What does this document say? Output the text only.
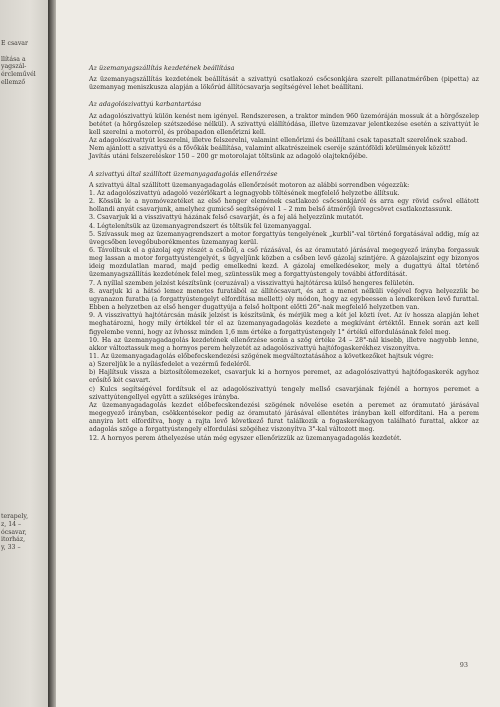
E csavar
llítása a
yagszál-
ércleművél
ellemző
terapely,
z, 14 –
ócsavar,
itorház,
y, 33 –
Az üzemanyagszállítás kezdetének beállítása

Az üzemanyagszállítás kezdetének beállítását a szivattyú csatlakozó csőcsonkjára szerelt pillanatmérőben (pipetta) az üzemanyag meniszkusza alapján a lökőrúd állítócsavarja segítségével lehet beállítani.

Az adagolószivattyú karbantartása

Az adagolószivattyú külön kenést nem igényel. Rendszeresen, a traktor minden 960 üzemóráján mossuk át a hörgőszelep betétet (a hörgőszelep szétszedése nélkül). A szivattyú elállítódása, illetve üzemzavar jelentkezése esetén a szivattyút le kell szerelni a motorról, és próbapadon ellenőrizni kell.

Az adagolószivattyút leszerelni, illetve felszerelni, valamint ellenőrizni és beállítani csak tapasztalt szerelőnek szabad.

Nem ajánlott a szivattyú és a fővőkák beállítása, valamint alkatrészeinek cseréje szántóföldi körülmények között!

Javítás utáni felszereléskor 150 – 200 gr motorolajat töltsünk az adagoló olajteknőjébe.

A szivattyú által szállított üzemanyagadagolás ellenőrzése

A szivattyú által szállított üzemanyagadagolás ellenőrzését motoron az alábbi sorrendben végezzük:

1. Az adagolószivattyú adagoló vezérlőkart a legnagyobb töltésének megfelelő helyzetbe állítsuk.

2. Kössük le a nyomóvezetéket az első henger elemének csatlakozó csőcsonkjáról és arra egy rövid csővel ellátott hollandi anyát csavarjunk, amelyhez gumicső segítségével 1 – 2 mm belső átmérőjű üvegcsövet csatlakoztassunk.

3. Csavarjuk ki a visszivattyú házának felső csavarját, és a fej alá helyezzünk mutatót.

4. Légtelenítsük az üzemanyagrendszert és töltsük fel üzemanyaggal.

5. Szívassuk meg az üzemanyagrendszert a motor forgattyús tengelyének „kurbli"-val történő forgatásával addig, míg az üvegcsőben levegőbuborékmentes üzemanyag kerül.

6. Távolítsuk el a gázolaj egy részét a csőből, a cső rázásával, és az óramutató járásával megegyező irányba forgassuk meg lassan a motor forgattyústengelyét, s ügyeljünk közben a csőben levő gázolaj szintjére. A gázolajszint egy bizonyos ideig mozdulatlan marad, majd pedig emelkedni kezd. A gázolaj emelkedésekor, mely a dugattyú által történő üzemanyagszállítás kezdetének felel meg, szüntessük meg a forgattyústengely további átfordítását.

7. A nyíllal szemben jelzést készítsünk (ceruzával) a visszivattyú hajtótárcsa külső hengeres felületén.

8. avarjuk ki a hátsó lemez menetes furatából az állítócsavart, és azt a menet nélküli végével fogva helyezzük be ugyanazon furatba (a forgattyústengelyt elfordítása mellett) oly módon, hogy az egybeessen a lendkeréken levő furattal. Ebben a helyzetben az első henger dugattyúja a felső holtpont előtti 26°-nak megfelelő helyzetben van.

9. A visszivattyú hajtótárcsán másik jelzést is készítsünk, és mérjük meg a két jel közti ívet. Az ív hossza alapján lehet meghatározni, hogy mily értékkel tér el az üzemanyagadagolás kezdete a megkívánt értéktől. Ennek során azt kell figyelembe venni, hogy az ívhossz minden 1,6 mm értéke a forgattyústengely 1° értékű elfordulásának felel meg.

10. Ha az üzemanyagadagolás kezdetének ellenőrzése során a szög értéke 24 – 28°-nál kisebb, illetve nagyobb lenne, akkor változtassuk meg a hornyos perem helyzetét az adagolószivattyú hajtófogaskerékhez viszonyítva.

11. Az üzemanyagadagolás előbefecskendezési szögének megváltoztatásához a következőket hajtsuk végre:

a) Szereljük le a nyílásfedelet a vezérmű fedeléről.

b) Hajlítsuk vissza a biztosítólemezeket, csavarjuk ki a hornyos peremet, az adagolószivattyú hajtófogaskerék agyhoz erősítő két csavart.

c) Kulcs segítségével fordítsuk el az adagolószivattyú tengely mellső csavarjának fejénél a hornyos peremet a szivattyútengellyel együtt a szükséges irányba.

Az üzemanyagadagolás kezdet előbefecskendezési szögének növelése esetén a peremet az óramutató járásával megegyező irányban, csökkentésekor pedig az óramutató járásával ellentétes irányban kell elfordítani. Ha a perem annyira lett elfordítva, hogy a rajta levő következő furat találkozik a fogaskerékagyon található furattal, akkor az adagolás szöge a forgattyústengely elfordulási szögéhez viszonyítva 3°-kal változott meg.

12. A hornyos perem áthelyezése után még egyszer ellenőrizzük az üzemanyagadagolás kezdetét.

93
